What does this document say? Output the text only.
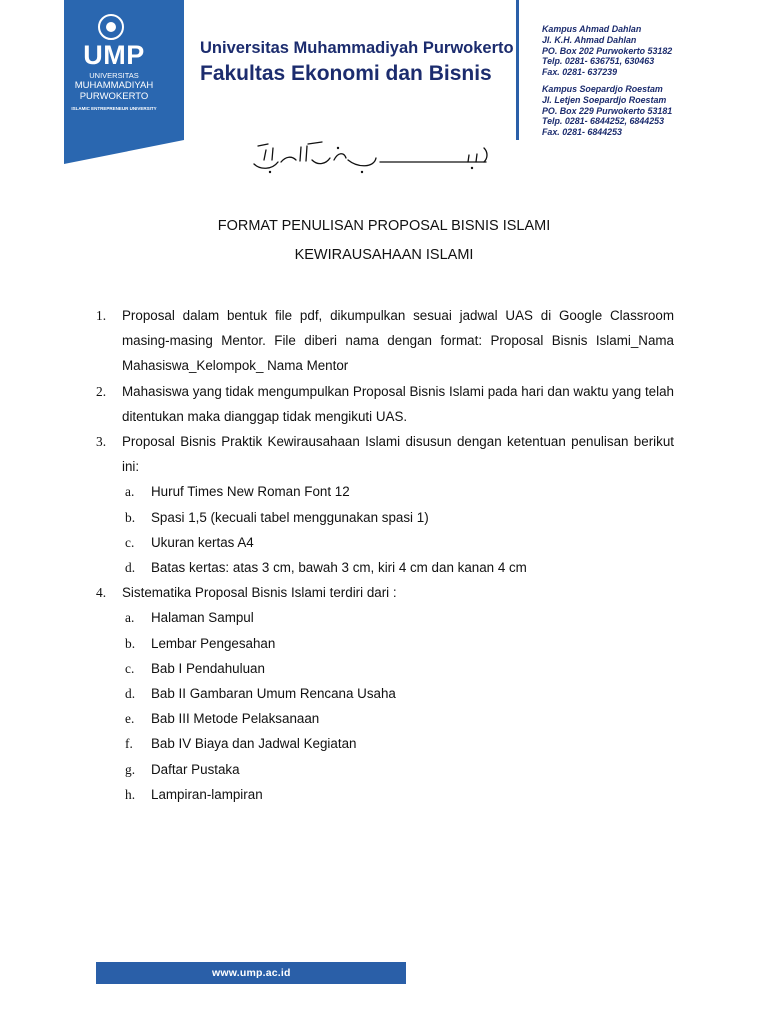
UMP

UNIVERSITAS

MUHAMMADIYAH

PURWOKERTO

ISLAMIC ENTREPRENEUR UNIVERSITY

Universitas Muhammadiyah Purwokerto

Fakultas Ekonomi dan Bisnis

Kampus Ahmad Dahlan
Jl. K.H. Ahmad Dahlan
PO. Box 202 Purwokerto 53182
Telp. 0281- 636751, 630463
Fax. 0281- 637239
Kampus Soepardjo Roestam
Jl. Letjen Soepardjo Roestam
PO. Box 229 Purwokerto 53181
Telp. 0281- 6844252, 6844253
Fax. 0281- 6844253

FORMAT PENULISAN PROPOSAL BISNIS ISLAMI

KEWIRAUSAHAAN ISLAMI

1. Proposal dalam bentuk file pdf, dikumpulkan sesuai jadwal UAS di Google Classroom masing-masing Mentor. File diberi nama dengan format: Proposal Bisnis Islami_Nama Mahasiswa_Kelompok_ Nama Mentor
2. Mahasiswa yang tidak mengumpulkan Proposal Bisnis Islami pada hari dan waktu yang telah ditentukan maka dianggap tidak mengikuti UAS.
3. Proposal Bisnis Praktik Kewirausahaan Islami disusun dengan ketentuan penulisan berikut ini:
a. Huruf Times New Roman Font 12
b. Spasi 1,5 (kecuali tabel menggunakan spasi 1)
c. Ukuran kertas A4
d. Batas kertas: atas 3 cm, bawah 3 cm, kiri 4 cm dan kanan 4 cm
4. Sistematika Proposal Bisnis Islami terdiri dari :
a. Halaman Sampul
b. Lembar Pengesahan
c. Bab I Pendahuluan
d. Bab II Gambaran Umum Rencana Usaha
e. Bab III Metode Pelaksanaan
f. Bab IV Biaya dan Jadwal Kegiatan
g. Daftar Pustaka
h. Lampiran-lampiran

www.ump.ac.id
